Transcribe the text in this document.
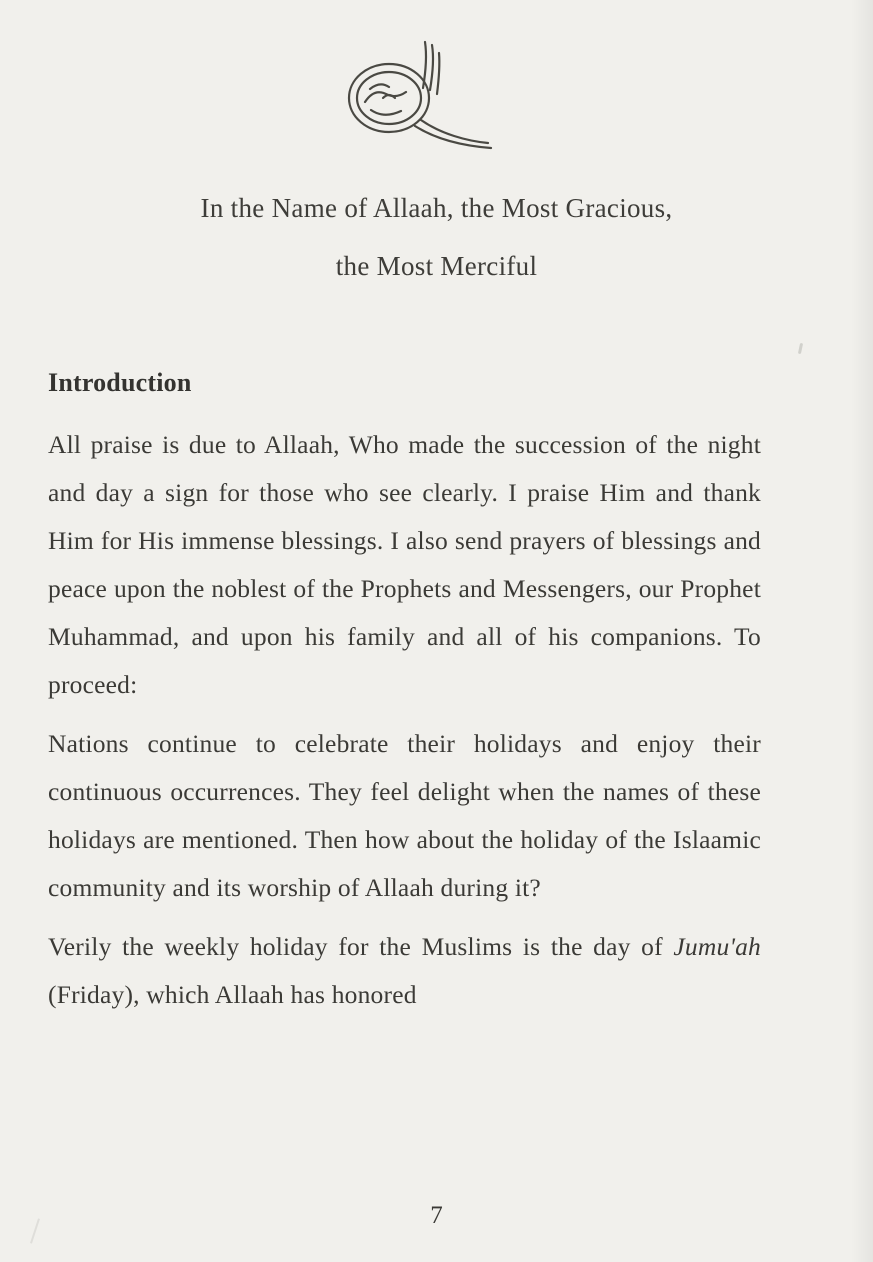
In the Name of Allaah, the Most Gracious,
the Most Merciful
Introduction

All praise is due to Allaah, Who made the succession of the night and day a sign for those who see clearly. I praise Him and thank Him for His immense blessings. I also send prayers of blessings and peace upon the noblest of the Prophets and Messengers, our Prophet Muhammad, and upon his family and all of his companions. To proceed:

Nations continue to celebrate their holidays and enjoy their continuous occurrences. They feel delight when the names of these holidays are mentioned. Then how about the holiday of the Islaamic community and its worship of Allaah during it?

Verily the weekly holiday for the Muslims is the day of Jumu'ah (Friday), which Allaah has honored

7
